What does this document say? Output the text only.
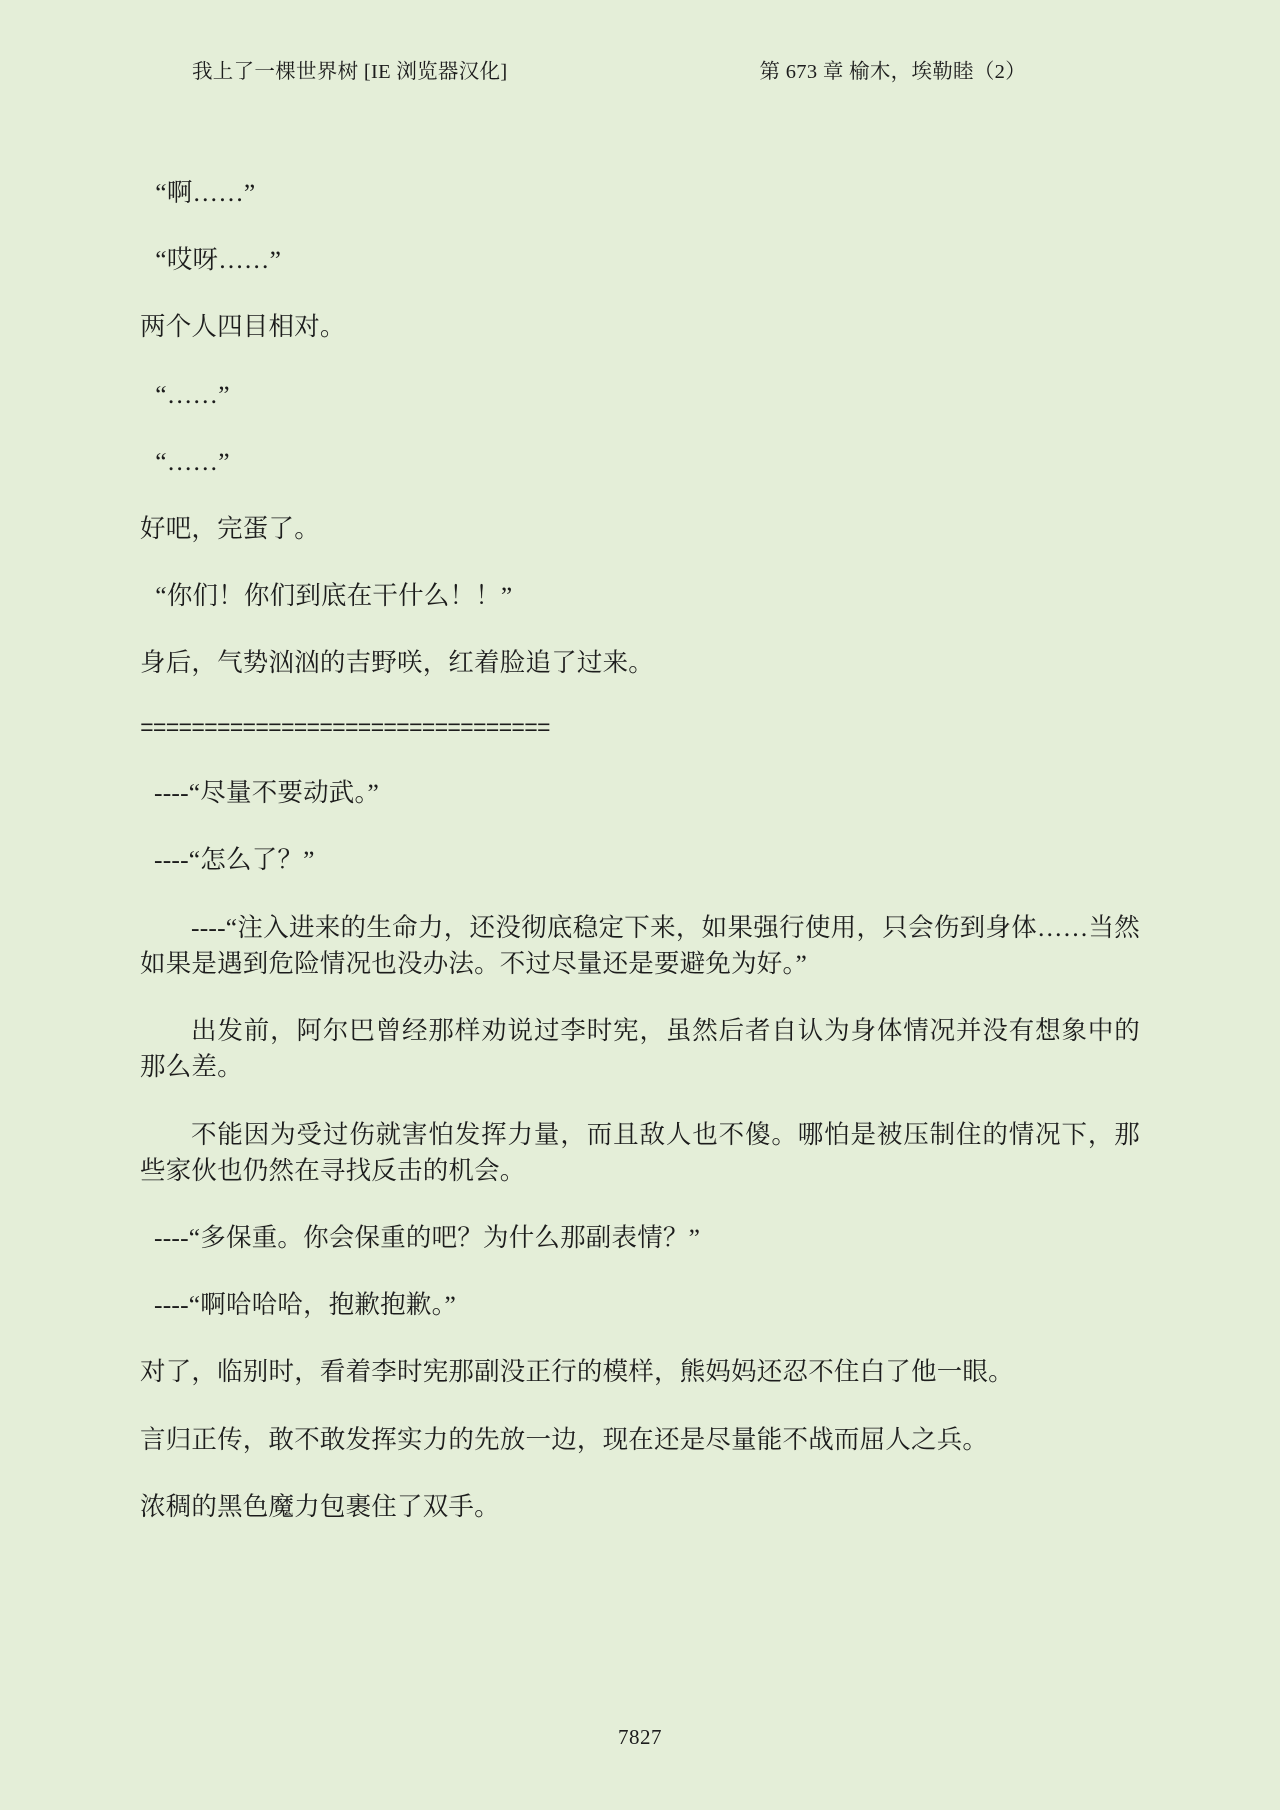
我上了一棵世界树 [IE 浏览器汉化]	第 673 章 榆木，埃勒睦（2）

“啊……”

“哎呀……”

两个人四目相对。

“……”

“……”

好吧，完蛋了。

“你们！你们到底在干什么！！”

身后，气势汹汹的吉野咲，红着脸追了过来。

================================

----“尽量不要动武。”

----“怎么了？”

----“注入进来的生命力，还没彻底稳定下来，如果强行使用，只会伤到身体……当然如果是遇到危险情况也没办法。不过尽量还是要避免为好。”

出发前，阿尔巴曾经那样劝说过李时宪，虽然后者自认为身体情况并没有想象中的那么差。

不能因为受过伤就害怕发挥力量，而且敌人也不傻。哪怕是被压制住的情况下，那些家伙也仍然在寻找反击的机会。

----“多保重。你会保重的吧？为什么那副表情？”

----“啊哈哈哈，抱歉抱歉。”

对了，临别时，看着李时宪那副没正行的模样，熊妈妈还忍不住白了他一眼。

言归正传，敢不敢发挥实力的先放一边，现在还是尽量能不战而屈人之兵。

浓稠的黑色魔力包裹住了双手。

7827
